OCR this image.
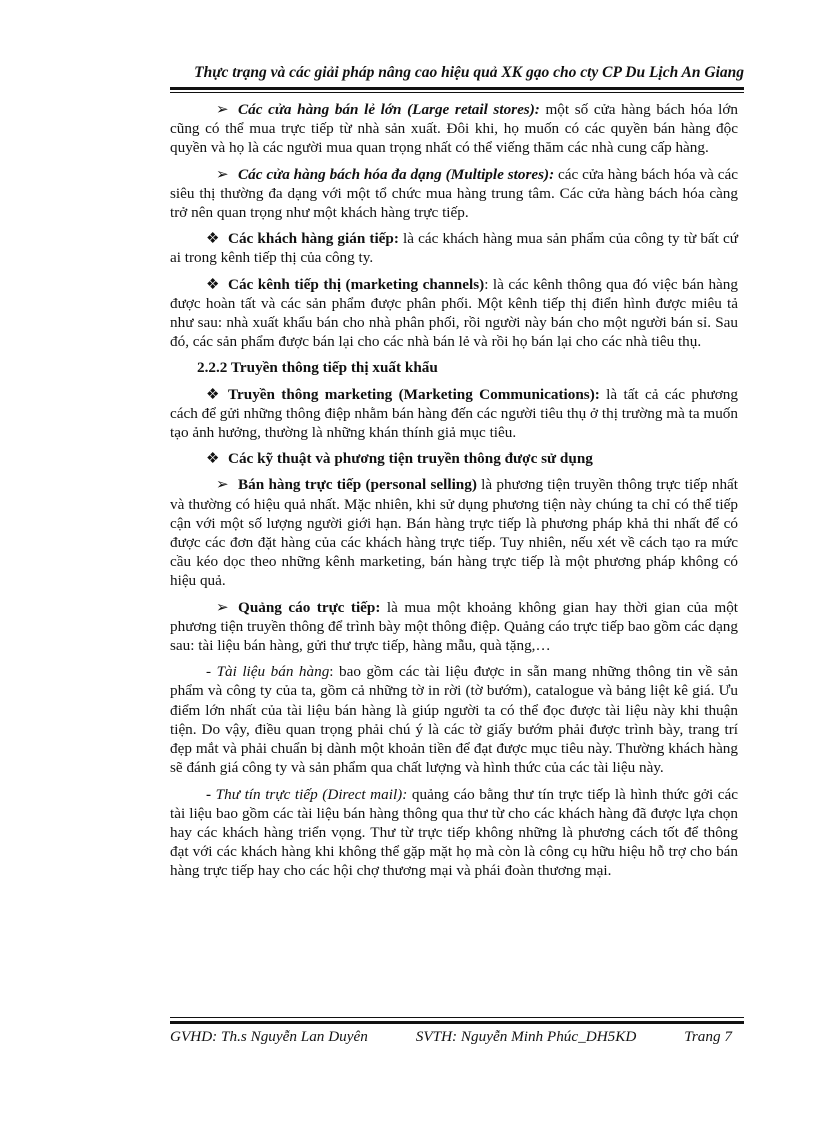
Thực trạng và các giải pháp nâng cao hiệu quả XK gạo cho cty CP Du Lịch An Giang

➢ Các cửa hàng bán lẻ lớn (Large retail stores): một số cửa hàng bách hóa lớn cũng có thể mua trực tiếp từ nhà sản xuất. Đôi khi, họ muốn có các quyền bán hàng độc quyền và họ là các người mua quan trọng nhất có thể viếng thăm các nhà cung cấp hàng.

➢ Các cửa hàng bách hóa đa dạng (Multiple stores): các cửa hàng bách hóa và các siêu thị thường đa dạng với một tổ chức mua hàng trung tâm. Các cửa hàng bách hóa càng trở nên quan trọng như một khách hàng trực tiếp.

❖ Các khách hàng gián tiếp: là các khách hàng mua sản phẩm của công ty từ bất cứ ai trong kênh tiếp thị của công ty.

❖ Các kênh tiếp thị (marketing channels): là các kênh thông qua đó việc bán hàng được hoàn tất và các sản phẩm được phân phối. Một kênh tiếp thị điển hình được miêu tả như sau: nhà xuất khẩu bán cho nhà phân phối, rồi người này bán cho một người bán sỉ. Sau đó, các sản phẩm được bán lại cho các nhà bán lẻ và rồi họ bán lại cho các nhà tiêu thụ.

2.2.2 Truyền thông tiếp thị xuất khẩu

❖ Truyền thông marketing (Marketing Communications): là tất cả các phương cách để gửi những thông điệp nhằm bán hàng đến các người tiêu thụ ở thị trường mà ta muốn tạo ảnh hưởng, thường là những khán thính giả mục tiêu.

❖ Các kỹ thuật và phương tiện truyền thông được sử dụng

➢ Bán hàng trực tiếp (personal selling) là phương tiện truyền thông trực tiếp nhất và thường có hiệu quả nhất. Mặc nhiên, khi sử dụng phương tiện này chúng ta chỉ có thể tiếp cận với một số lượng người giới hạn. Bán hàng trực tiếp là phương pháp khả thi nhất để có được các đơn đặt hàng của các khách hàng trực tiếp. Tuy nhiên, nếu xét về cách tạo ra mức cầu kéo dọc theo những kênh marketing, bán hàng trực tiếp là một phương pháp không có hiệu quả.

➢ Quảng cáo trực tiếp: là mua một khoảng không gian hay thời gian của một phương tiện truyền thông để trình bày một thông điệp. Quảng cáo trực tiếp bao gồm các dạng sau: tài liệu bán hàng, gửi thư trực tiếp, hàng mẫu, quà tặng,…

- Tài liệu bán hàng: bao gồm các tài liệu được in sẵn mang những thông tin về sản phẩm và công ty của ta, gồm cả những tờ in rời (tờ bướm), catalogue và bảng liệt kê giá. Ưu điểm lớn nhất của tài liệu bán hàng là giúp người ta có thể đọc được tài liệu này khi thuận tiện. Do vậy, điều quan trọng phải chú ý là các tờ giấy bướm phải được trình bày, trang trí đẹp mắt và phải chuẩn bị dành một khoản tiền để đạt được mục tiêu này. Thường khách hàng sẽ đánh giá công ty và sản phẩm qua chất lượng và hình thức của các tài liệu này.

- Thư tín trực tiếp (Direct mail): quảng cáo bằng thư tín trực tiếp là hình thức gởi các tài liệu bao gồm các tài liệu bán hàng thông qua thư từ cho các khách hàng đã được lựa chọn hay các khách hàng triển vọng. Thư từ trực tiếp không những là phương cách tốt để thông đạt với các khách hàng khi không thể gặp mặt họ mà còn là công cụ hữu hiệu hỗ trợ cho bán hàng trực tiếp hay cho các hội chợ thương mại và phái đoàn thương mại.

GVHD: Th.s Nguyễn Lan Duyên	SVTH: Nguyễn Minh Phúc_DH5KD	Trang 7
